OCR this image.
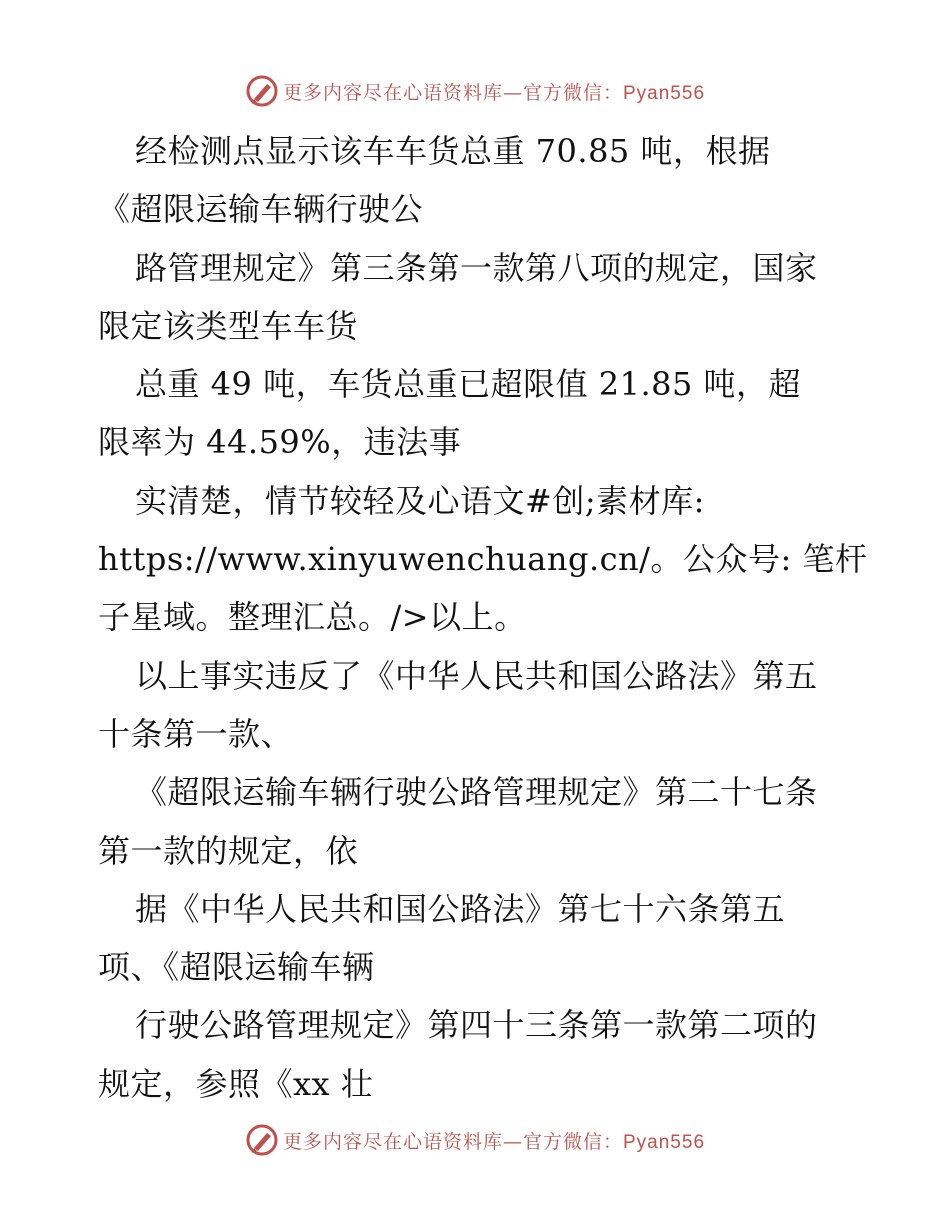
更多内容尽在心语资料库—官方微信：Pyan556
经检测点显示该车车货总重 70.85 吨，根据
《超限运输车辆行驶公
路管理规定》第三条第一款第八项的规定，国家
限定该类型车车货
总重 49 吨，车货总重已超限值 21.85 吨，超
限率为 44.59%，违法事
实清楚，情节较轻及心语文#创;素材库:
https://www.xinyuwenchuang.cn/。公众号: 笔杆
子星域。整理汇总。/>以上。
以上事实违反了《中华人民共和国公路法》第五
十条第一款、
《超限运输车辆行驶公路管理规定》第二十七条
第一款的规定，依
据《中华人民共和国公路法》第七十六条第五
项、《超限运输车辆
行驶公路管理规定》第四十三条第一款第二项的
规定，参照《xx 壮
更多内容尽在心语资料库—官方微信：Pyan556
